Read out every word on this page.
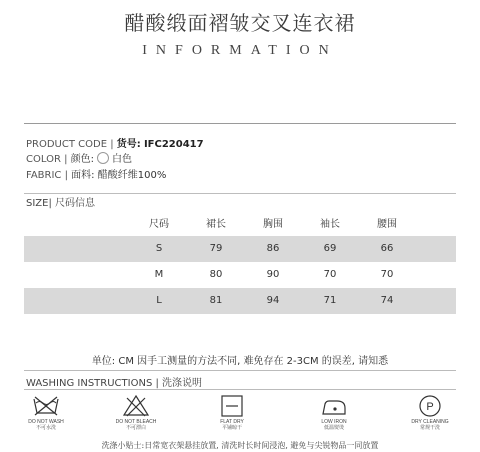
醋酸缎面褶皱交叉连衣裙
INFORMATION
PRODUCT CODE | 货号: IFC220417
COLOR | 颜色: 白色
FABRIC | 面料: 醋酸纤维100%
SIZE| 尺码信息
尺码	裙长	胸围	袖长	腰围
S	79	86	69	66
M	80	90	70	70
L	81	94	71	74
单位: CM 因手工测量的方法不同, 难免存在 2-3CM 的误差, 请知悉
WASHING INSTRUCTIONS | 洗涤说明
DO NOT WASH
不可水洗
DO NOT BLEACH
不可漂白
FLAT DRY
平铺晾干
LOW IRON
低温熨烫
P
DRY CLEANING
常规干洗
洗涤小贴士:日常宽衣架悬挂放置, 清洗时长时间浸泡, 避免与尖锐物品一同放置
